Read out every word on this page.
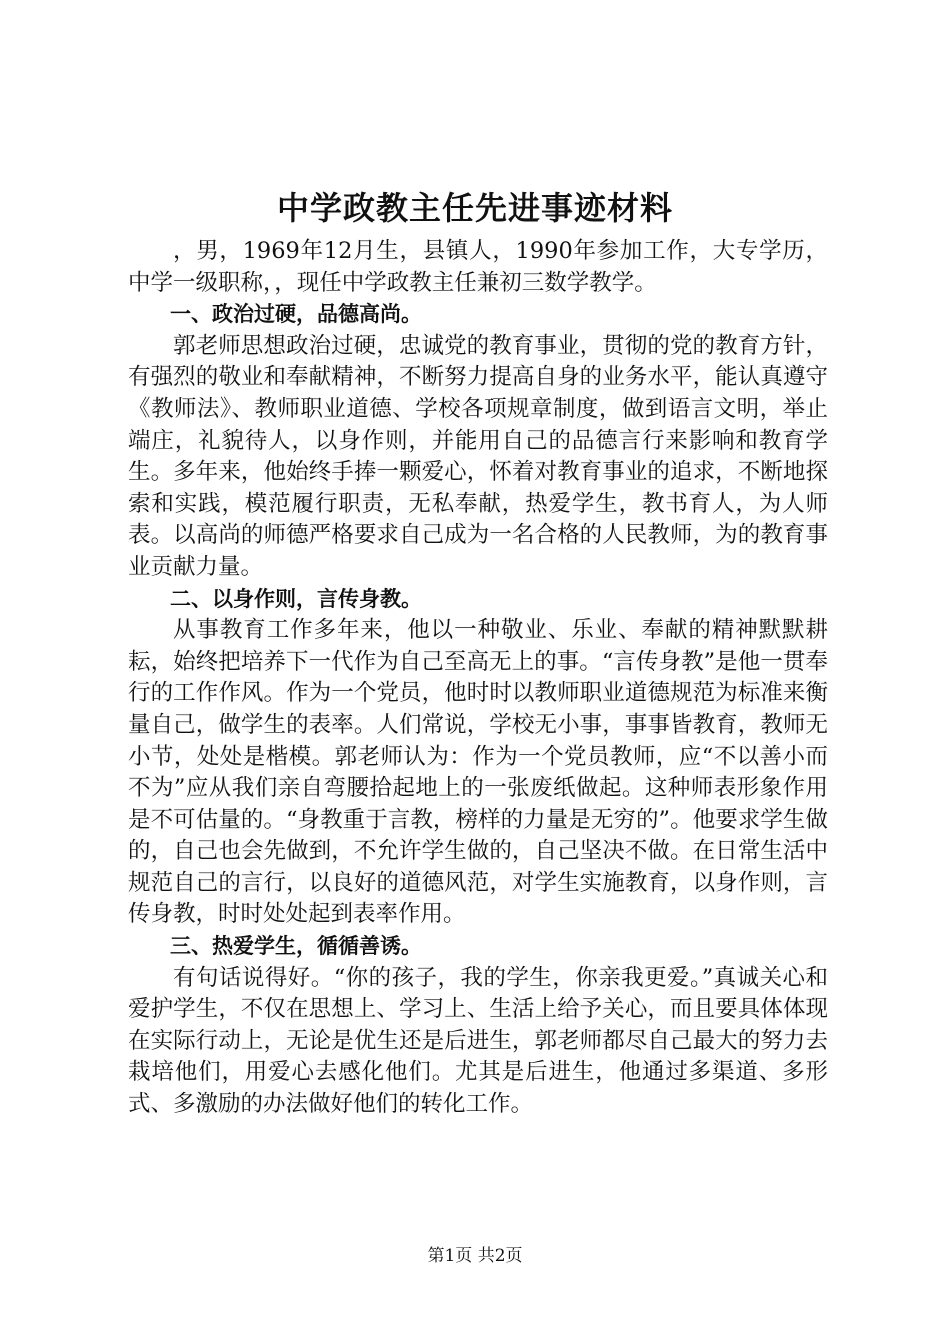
中学政教主任先进事迹材料

，男，1969年12月生，县镇人，1990年参加工作，大专学历，中学一级职称，，现任中学政教主任兼初三数学教学。

一、政治过硬，品德高尚。

郭老师思想政治过硬，忠诚党的教育事业，贯彻的党的教育方针，有强烈的敬业和奉献精神，不断努力提高自身的业务水平，能认真遵守《教师法》、教师职业道德、学校各项规章制度，做到语言文明，举止端庄，礼貌待人，以身作则，并能用自己的品德言行来影响和教育学生。多年来，他始终手捧一颗爱心，怀着对教育事业的追求，不断地探索和实践，模范履行职责，无私奉献，热爱学生，教书育人，为人师表。以高尚的师德严格要求自己成为一名合格的人民教师，为的教育事业贡献力量。

二、以身作则，言传身教。

从事教育工作多年来，他以一种敬业、乐业、奉献的精神默默耕耘，始终把培养下一代作为自己至高无上的事。“言传身教”是他一贯奉行的工作作风。作为一个党员，他时时以教师职业道德规范为标准来衡量自己，做学生的表率。人们常说，学校无小事，事事皆教育，教师无小节，处处是楷模。郭老师认为：作为一个党员教师，应“不以善小而不为”应从我们亲自弯腰拾起地上的一张废纸做起。这种师表形象作用是不可估量的。“身教重于言教，榜样的力量是无穷的”。他要求学生做的，自己也会先做到，不允许学生做的，自己坚决不做。在日常生活中规范自己的言行，以良好的道德风范，对学生实施教育，以身作则，言传身教，时时处处起到表率作用。

三、热爱学生，循循善诱。

有句话说得好。“你的孩子，我的学生，你亲我更爱。”真诚关心和爱护学生，不仅在思想上、学习上、生活上给予关心，而且要具体体现在实际行动上，无论是优生还是后进生，郭老师都尽自己最大的努力去栽培他们，用爱心去感化他们。尤其是后进生，他通过多渠道、多形式、多激励的办法做好他们的转化工作。

第1页 共2页
